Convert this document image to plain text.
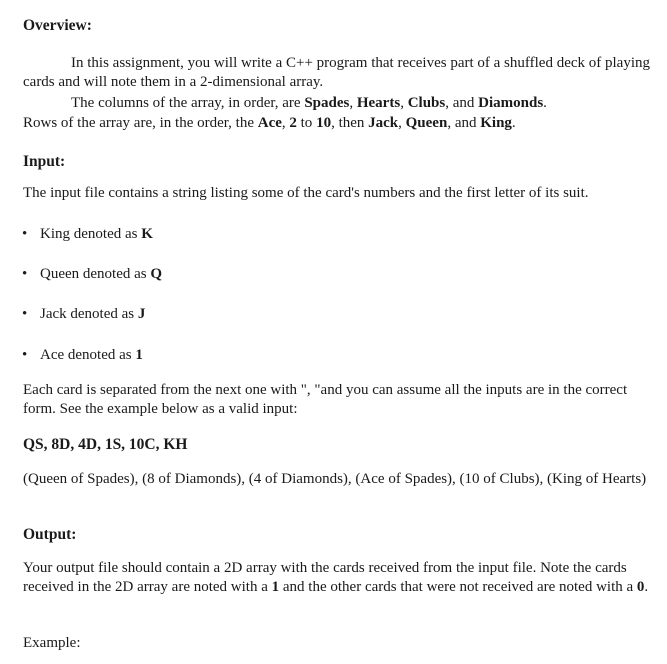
Overview:
In this assignment, you will write a C++ program that receives part of a shuffled deck of playing cards and will note them in a 2-dimensional array.
The columns of the array, in order, are Spades, Hearts, Clubs, and Diamonds.
Rows of the array are, in the order, the Ace, 2 to 10, then Jack, Queen, and King.
Input:
The input file contains a string listing some of the card's numbers and the first letter of its suit.
• King denoted as K
• Queen denoted as Q
• Jack denoted as J
• Ace denoted as 1
Each card is separated from the next one with ", "and you can assume all the inputs are in the correct form. See the example below as a valid input:
QS, 8D, 4D, 1S, 10C, KH
(Queen of Spades), (8 of Diamonds), (4 of Diamonds), (Ace of Spades), (10 of Clubs), (King of Hearts)
Output:
Your output file should contain a 2D array with the cards received from the input file. Note the cards received in the 2D array are noted with a 1 and the other cards that were not received are noted with a 0.
Example:
